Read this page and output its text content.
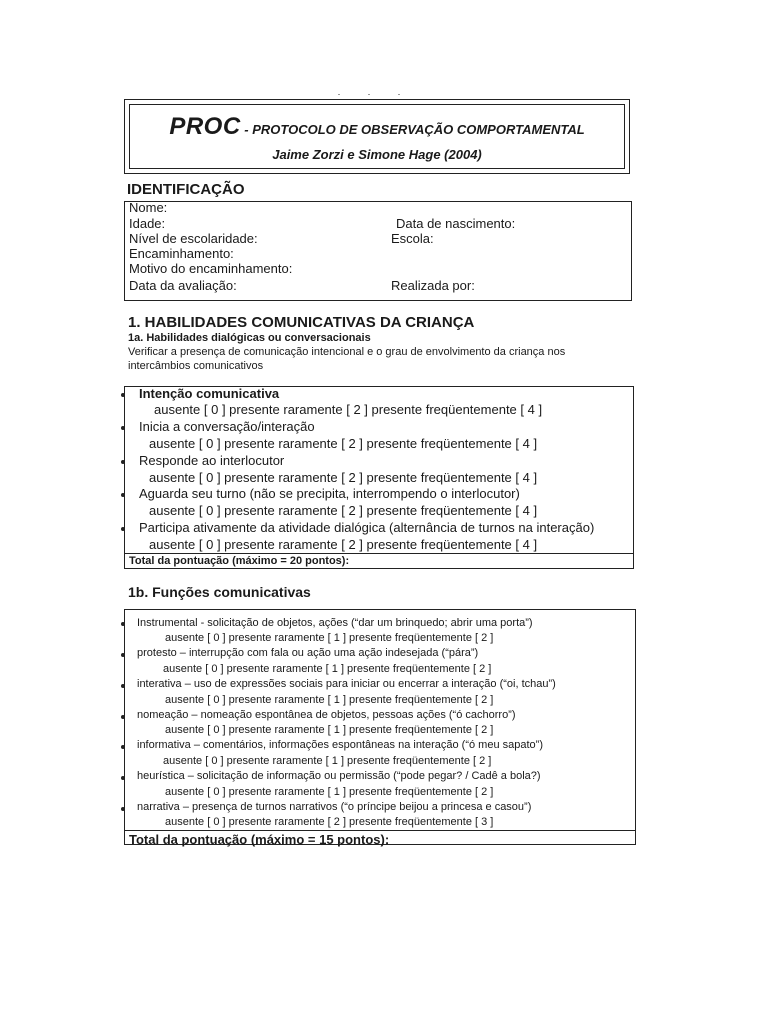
PROC - PROTOCOLO DE OBSERVAÇÃO COMPORTAMENTAL
Jaime Zorzi e Simone Hage (2004)
IDENTIFICAÇÃO
Nome:
Idade:	Data de nascimento:
Nível de escolaridade:	Escola:
Encaminhamento:
Motivo do encaminhamento:
Data da avaliação:	Realizada por:
1. HABILIDADES COMUNICATIVAS DA CRIANÇA
1a. Habilidades dialógicas ou conversacionais
Verificar a presença de comunicação intencional e o grau de envolvimento da criança nos
intercâmbios comunicativos
Intenção comunicativa
ausente [ 0 ] presente raramente [ 2 ] presente freqüentemente [ 4 ]
Inicia a conversação/interação
ausente [ 0 ] presente raramente [ 2 ] presente freqüentemente [ 4 ]
Responde ao interlocutor
ausente [ 0 ] presente raramente [ 2 ] presente freqüentemente [ 4 ]
Aguarda seu turno (não se precipita, interrompendo o interlocutor)
ausente [ 0 ] presente raramente [ 2 ] presente freqüentemente [ 4 ]
Participa ativamente da atividade dialógica (alternância de turnos na interação)
ausente [ 0 ] presente raramente [ 2 ] presente freqüentemente [ 4 ]
Total da pontuação (máximo = 20 pontos):
1b. Funções comunicativas
Instrumental - solicitação de objetos, ações (“dar um brinquedo; abrir uma porta”)
ausente [ 0 ] presente raramente [ 1 ] presente freqüentemente [ 2 ]
protesto – interrupção com fala ou ação uma ação indesejada (“pára”)
ausente [ 0 ] presente raramente [ 1 ] presente freqüentemente [ 2 ]
interativa – uso de expressões sociais para iniciar ou encerrar a interação (“oi, tchau”)
ausente [ 0 ] presente raramente [ 1 ] presente freqüentemente [ 2 ]
nomeação – nomeação espontânea de objetos, pessoas ações (“ó cachorro”)
ausente [ 0 ] presente raramente [ 1 ] presente freqüentemente [ 2 ]
informativa – comentários, informações espontâneas na interação (“ó meu sapato”)
ausente [ 0 ] presente raramente [ 1 ] presente freqüentemente [ 2 ]
heurística – solicitação de informação ou permissão (“pode pegar? / Cadê a bola?)
ausente [ 0 ] presente raramente [ 1 ] presente freqüentemente [ 2 ]
narrativa – presença de turnos narrativos (“o príncipe beijou a princesa e casou”)
ausente [ 0 ] presente raramente [ 2 ] presente freqüentemente [ 3 ]
Total da pontuação (máximo = 15 pontos):
